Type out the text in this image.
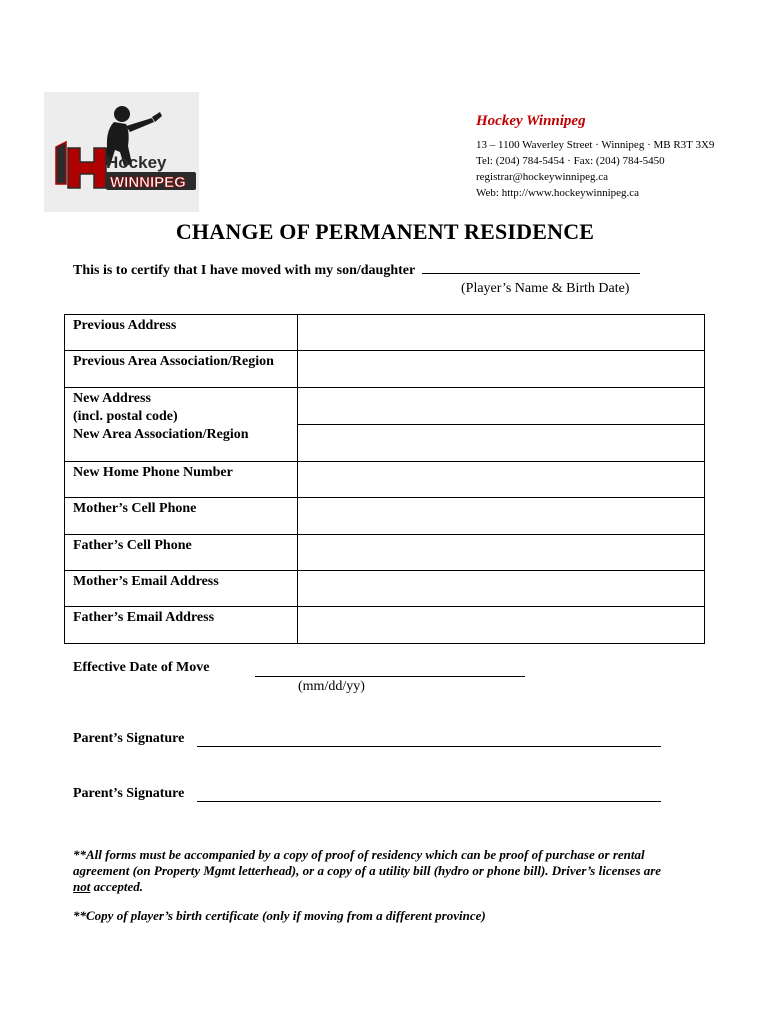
Hockey
WINNIPEG
Hockey Winnipeg
13 – 1100 Waverley Street · Winnipeg · MB R3T 3X9
Tel: (204) 784-5454 · Fax: (204) 784-5450
registrar@hockeywinnipeg.ca
Web: http://www.hockeywinnipeg.ca
CHANGE OF PERMANENT RESIDENCE
This is to certify that I have moved with my son/daughter
(Player’s Name & Birth Date)
Previous Address	
Previous Area Association/Region	

New Address
(incl. postal code)
New Area Association/Region	

New Home Phone Number	
Mother’s Cell Phone	
Father’s Cell Phone	
Mother’s Email Address	
Father’s Email Address	
Effective Date of Move
(mm/dd/yy)
Parent’s Signature
Parent’s Signature
**All forms must be accompanied by a copy of proof of residency which can be proof of purchase or rental agreement (on Property Mgmt letterhead), or a copy of a utility bill (hydro or phone bill). Driver’s licenses are not accepted.
**Copy of player’s birth certificate (only if moving from a different province)
